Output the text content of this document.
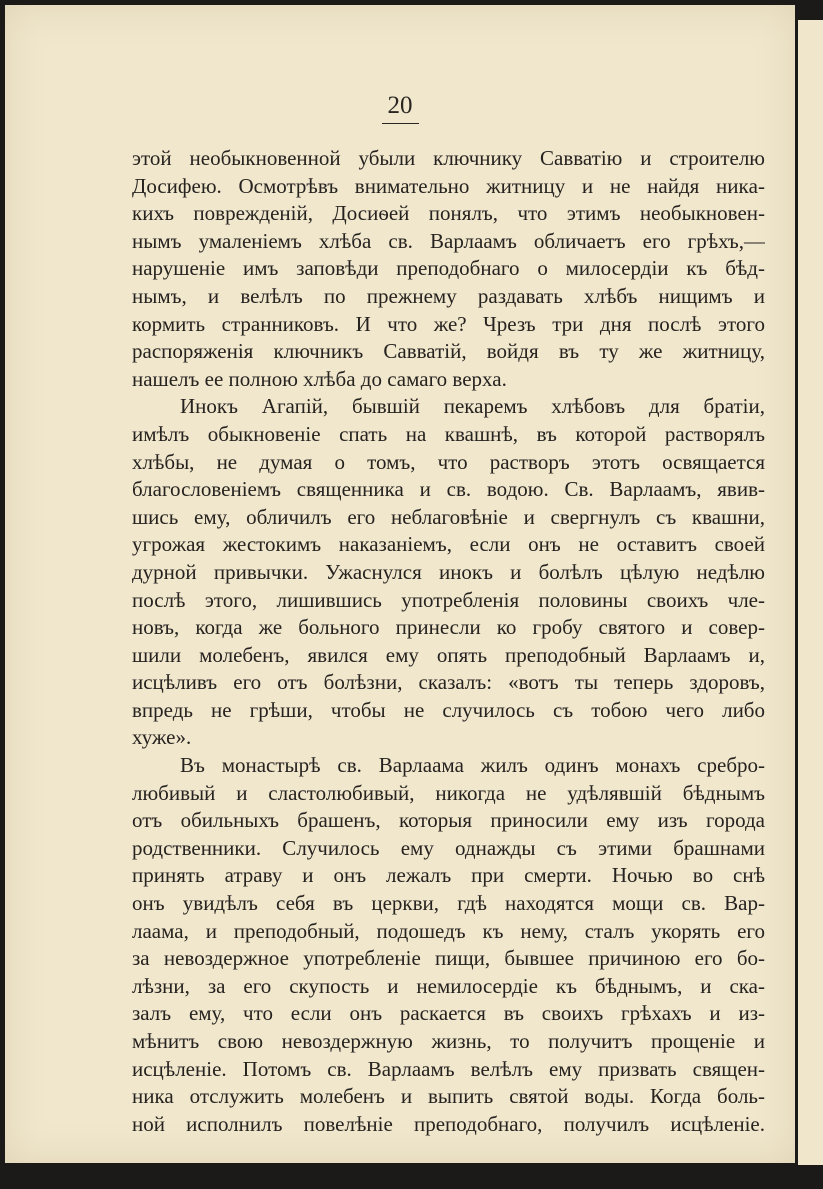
20
этой необыкновенной убыли ключнику Савватію и строителю
Досифею. Осмотрѣвъ внимательно житницу и не найдя никa-
кихъ поврежденій, Досиѳей понялъ, что этимъ необыкновен-
нымъ умаленіемъ хлѣба св. Варлаамъ обличаетъ его грѣхъ,—
нарушеніе имъ заповѣди преподобнаго о милосердіи къ бѣд-
нымъ, и велѣлъ по прежнему раздавать хлѣбъ нищимъ и
кормить странниковъ. И что же? Чрезъ три дня послѣ этого
распоряженія ключникъ Савватій, войдя въ ту же житницу,
нашелъ ее полною хлѣба до самаго верха.
Инокъ Агапій, бывшій пекаремъ хлѣбовъ для братіи,
имѣлъ обыкновеніе спать на квашнѣ, въ которой растворялъ
хлѣбы, не думая о томъ, что растворъ этотъ освящается
благословеніемъ священника и св. водою. Св. Варлаамъ, явив-
шись ему, обличилъ его неблаговѣніе и свергнулъ съ квашни,
угрожая жестокимъ наказаніемъ, если онъ не оставитъ своей
дурной привычки. Ужаснулся инокъ и болѣлъ цѣлую недѣлю
послѣ этого, лишившись употребленія половины своихъ чле-
новъ, когда же больного принесли ко гробу святого и совер-
шили молебенъ, явился ему опять преподобный Варлаамъ и,
исцѣливъ его отъ болѣзни, сказалъ: «вотъ ты теперь здоровъ,
впредь не грѣши, чтобы не случилось съ тобою чего либо
хуже».
Въ монастырѣ св. Варлаама жилъ одинъ монахъ сребро-
любивый и сластолюбивый, никогда не удѣлявшій бѣднымъ
отъ обильныхъ брашенъ, которыя приносили ему изъ города
родственники. Случилось ему однажды съ этими брашнами
принять атраву и онъ лежалъ при смерти. Ночью во снѣ
онъ увидѣлъ себя въ церкви, гдѣ находятся мощи св. Вар-
лаама, и преподобный, подошедъ къ нему, сталъ укорять его
за невоздержное употребленіе пищи, бывшее причиною его бо-
лѣзни, за его скупость и немилосердіе къ бѣднымъ, и ска-
залъ ему, что если онъ раскается въ своихъ грѣхахъ и из-
мѣнитъ свою невоздержную жизнь, то получитъ прощеніе и
исцѣленіе. Потомъ св. Варлаамъ велѣлъ ему призвать священ-
ника отслужить молебенъ и выпить святой воды. Когда боль-
ной исполнилъ повелѣніе преподобнаго, получилъ исцѣленіе.
